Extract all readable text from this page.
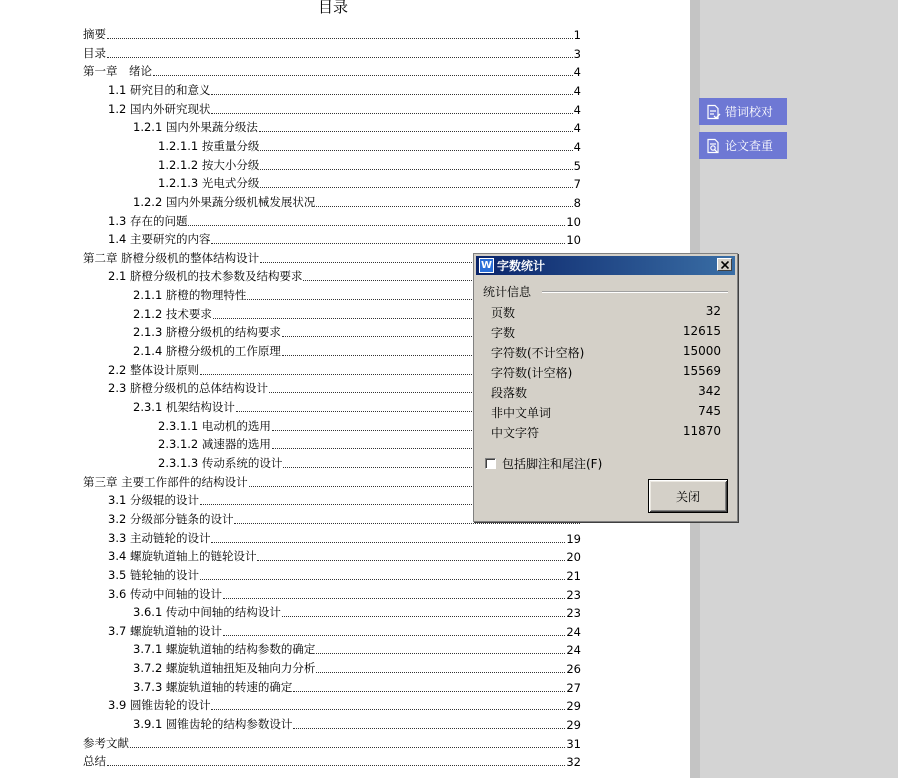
目录
摘要	1
目录	3
第一章　绪论	4
1.1 研究目的和意义	4
1.2 国内外研究现状	4
1.2.1 国内外果蔬分级法	4
1.2.1.1 按重量分级	4
1.2.1.2 按大小分级	5
1.2.1.3 光电式分级	7
1.2.2 国内外果蔬分级机械发展状况	8
1.3 存在的问题	10
1.4 主要研究的内容	10
第二章 脐橙分级机的整体结构设计
2.1 脐橙分级机的技术参数及结构要求
2.1.1 脐橙的物理特性
2.1.2 技术要求
2.1.3 脐橙分级机的结构要求
2.1.4 脐橙分级机的工作原理
2.2 整体设计原则
2.3 脐橙分级机的总体结构设计
2.3.1 机架结构设计
2.3.1.1 电动机的选用
2.3.1.2 减速器的选用
2.3.1.3 传动系统的设计
第三章 主要工作部件的结构设计
3.1 分级辊的设计
3.2 分级部分链条的设计
3.3 主动链轮的设计	19
3.4 螺旋轨道轴上的链轮设计	20
3.5 链轮轴的设计	21
3.6 传动中间轴的设计	23
3.6.1 传动中间轴的结构设计	23
3.7 螺旋轨道轴的设计	24
3.7.1 螺旋轨道轴的结构参数的确定	24
3.7.2 螺旋轨道轴扭矩及轴向力分析	26
3.7.3 螺旋轨道轴的转速的确定	27
3.9 圆锥齿轮的设计	29
3.9.1 圆锥齿轮的结构参数设计	29
参考文献	31
总结	32
错词校对
论文查重
W 字数统计
统计信息
页数	32
字数	12615
字符数(不计空格)	15000
字符数(计空格)	15569
段落数	342
非中文单词	745
中文字符	11870
包括脚注和尾注(F)
关闭
